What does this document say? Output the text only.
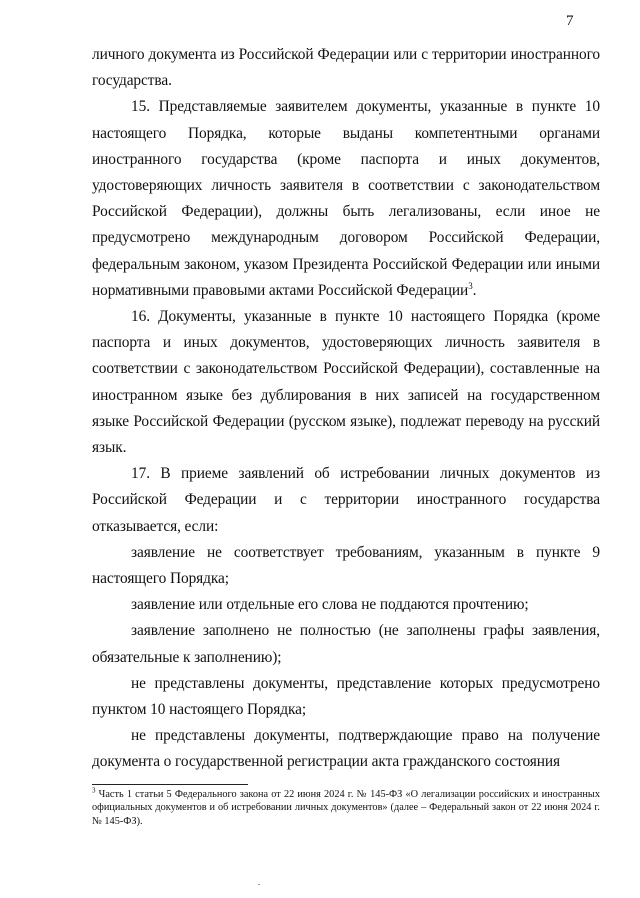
7

личного документа из Российской Федерации или с территории иностранного государства.

15. Представляемые заявителем документы, указанные в пункте 10 настоящего Порядка, которые выданы компетентными органами иностранного государства (кроме паспорта и иных документов, удостоверяющих личность заявителя в соответствии с законодательством Российской Федерации), должны быть легализованы, если иное не предусмотрено международным договором Российской Федерации, федеральным законом, указом Президента Российской Федерации или иными нормативными правовыми актами Российской Федерации$^3$.

16. Документы, указанные в пункте 10 настоящего Порядка (кроме паспорта и иных документов, удостоверяющих личность заявителя в соответствии с законодательством Российской Федерации), составленные на иностранном языке без дублирования в них записей на государственном языке Российской Федерации (русском языке), подлежат переводу на русский язык.

17. В приеме заявлений об истребовании личных документов из Российской Федерации и с территории иностранного государства отказывается, если:

заявление не соответствует требованиям, указанным в пункте 9 настоящего Порядка;

заявление или отдельные его слова не поддаются прочтению;

заявление заполнено не полностью (не заполнены графы заявления, обязательные к заполнению);

не представлены документы, представление которых предусмотрено пунктом 10 настоящего Порядка;

не представлены документы, подтверждающие право на получение документа о государственной регистрации акта гражданского состояния

$^3$ Часть 1 статьи 5 Федерального закона от 22 июня 2024 г. № 145-ФЗ «О легализации российских и иностранных официальных документов и об истребовании личных документов» (далее – Федеральный закон от 22 июня 2024 г. № 145-ФЗ).
